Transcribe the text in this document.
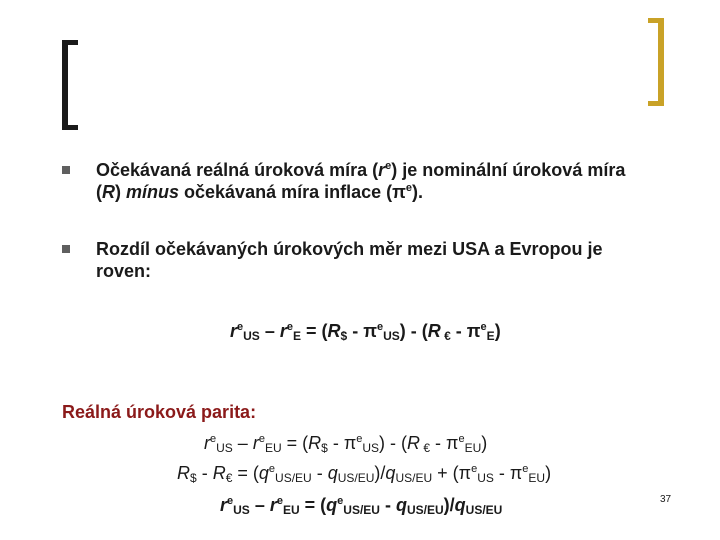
Očekávaná reálná úroková míra $(r^e)$ je nominální úroková míra
(R) mínus očekávaná míra inflace $(\pi^e)$.
Rozdíl očekávaných úrokových měr mezi USA a Evropou je
roven:
$r^e_{US} - r^e_E = (R_{\$} - \pi^e_{US}) - (R$ $_€ - \pi^e_E$)
Reálná úroková parita:
$r^e_{US} - r^e_{EU} = (R_{\$} - \pi^e_{US}) - (R$ $_€ - \pi^e_{EU}$)
$R_{\$} - R_€ = (q^e_{US/EU} - q_{US/EU})/q_{US/EU} + (\pi^e_{US} - \pi^e_{EU})$
$r^e_{US} - r^e_{EU} = (q^e_{US/EU} - q_{US/EU})/q_{US/EU}$
37
